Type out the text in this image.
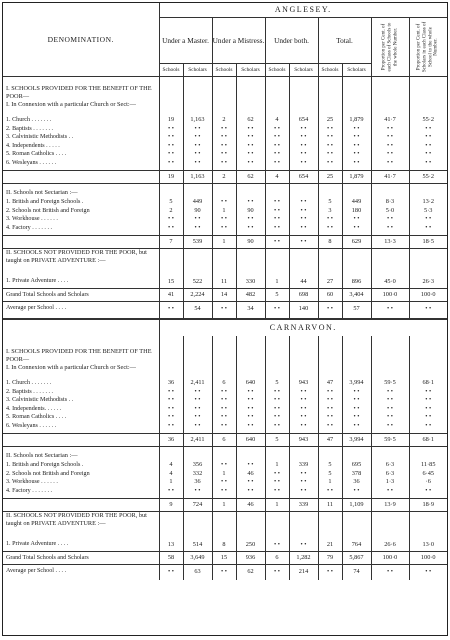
DENOMINATION.	ANGLESEY.									
	Under a Master.		Under a Mistress.		Under both.		Total.		Proportion per Cent. of each Class of Schools to the whole Number.	Proportion per Cent. of Scholars in each Class of School to the whole Number.

	Schools	Scholars	Schools	Scholars	Schools	Scholars	Schools	Scholars		

I. SCHOOLS PROVIDED FOR THE BENEFIT OF THE POOR—										
I. In Connexion with a particular Church or Sect:—										
1. Church . . . . . . .	19	1,163	2	62	4	654	25	1,879	41·7	55·2
2. Baptists . . . . . . .	• •	• •	• •	• •	• •	• •	• •	• •	• •	• •
3. Calvinistic Methodists . .	• •	• •	• •	• •	• •	• •	• •	• •	• •	• •
4. Independents . . . . .	• •	• •	• •	• •	• •	• •	• •	• •	• •	• •
5. Roman Catholics . . . .	• •	• •	• •	• •	• •	• •	• •	• •	• •	• •
6. Wesleyans . . . . . .	• •	• •	• •	• •	• •	• •	• •	• •	• •	• •

	19	1,163	2	62	4	654	25	1,879	41·7	55·2

II. Schools not Sectarian :—										
1. British and Foreign Schools .	5	449	• •	• •	• •	• •	5	449	8·3	13·2
2. Schools not British and Foreign	2	90	1	90	• •	• •	3	180	5·0	5·3
3. Workhouse . . . . . .	• •	• •	• •	• •	• •	• •	• •	• •	• •	• •
4. Factory . . . . . . .	• •	• •	• •	• •	• •	• •	• •	• •	• •	• •

	7	539	1	90	• •	• •	8	629	13·3	18·5
II. SCHOOLS NOT PROVIDED FOR THE POOR, but taught on PRIVATE ADVENTURE :—										
1. Private Adventure . . . .	15	522	11	330	1	44	27	896	45·0	26·3
Grand Total Schools and Scholars	41	2,224	14	482	5	698	60	3,404	100·0	100·0
Average per School . . . .	• •	54	• •	34	• •	140	• •	57	• •	• •

	CARNARVON.									

I. SCHOOLS PROVIDED FOR THE BENEFIT OF THE POOR—										
I. In Connexion with a particular Church or Sect:—										
1. Church . . . . . . .	36	2,411	6	640	5	943	47	3,994	59·5	68·1
2. Baptists . . . . . . .	• •	• •	• •	• •	• •	• •	• •	• •	• •	• •
3. Calvinistic Methodists . .	• •	• •	• •	• •	• •	• •	• •	• •	• •	• •
4. Independents. . . . . .	• •	• •	• •	• •	• •	• •	• •	• •	• •	• •
5. Roman Catholics . . . .	• •	• •	• •	• •	• •	• •	• •	• •	• •	• •
6. Wesleyans . . . . . .	• •	• •	• •	• •	• •	• •	• •	• •	• •	• •

	36	2,411	6	640	5	943	47	3,994	59·5	68·1

II. Schools not Sectarian :—										
1. British and Foreign Schools .	4	356	• •	• •	1	339	5	695	6·3	11·85
2. Schools not British and Foreign	4	332	1	46	• •	• •	5	378	6·3	6·45
3. Workhouse . . . . . .	1	36	• •	• •	• •	• •	1	36	1·3	·6
4. Factory . . . . . . .	• •	• •	• •	• •	• •	• •	• •	• •	• •	• •

	9	724	1	46	1	339	11	1,109	13·9	18·9
II. SCHOOLS NOT PROVIDED FOR THE POOR, but taught on PRIVATE ADVENTURE :—										
1. Private Adventure . . . .	13	514	8	250	• •	• •	21	764	26·6	13·0
Grand Total Schools and Scholars	58	3,649	15	936	6	1,282	79	5,867	100·0	100·0
Average per School . . . .	• •	63	• •	62	• •	214	• •	74	• •	• •
